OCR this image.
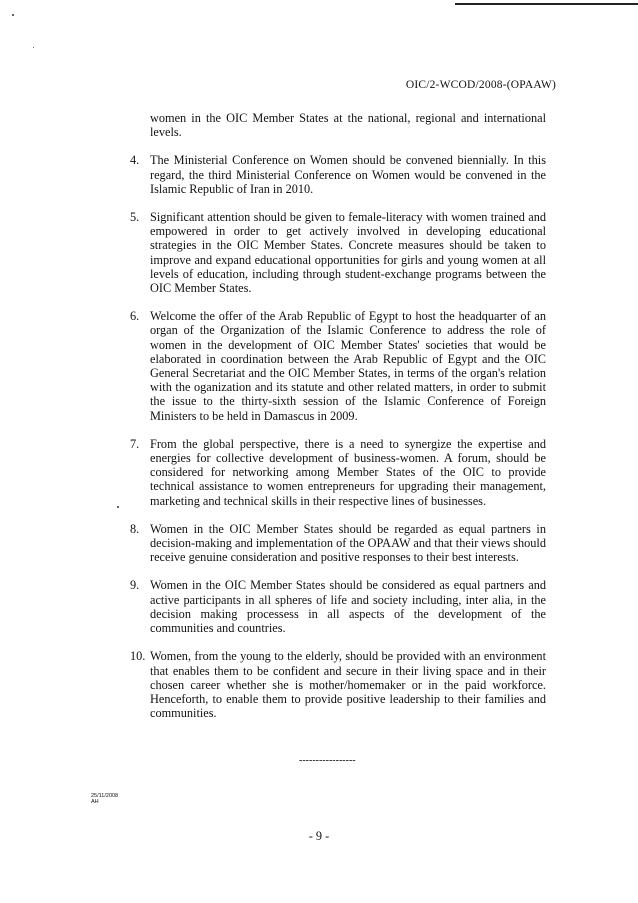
OIC/2-WCOD/2008-(OPAAW)

women in the OIC Member States at the national, regional and international levels.

4. The Ministerial Conference on Women should be convened biennially. In this regard, the third Ministerial Conference on Women would be convened in the Islamic Republic of Iran in 2010.
5. Significant attention should be given to female-literacy with women trained and empowered in order to get actively involved in developing educational strategies in the OIC Member States. Concrete measures should be taken to improve and expand educational opportunities for girls and young women at all levels of education, including through student-exchange programs between the OIC Member States.
6. Welcome the offer of the Arab Republic of Egypt to host the headquarter of an organ of the Organization of the Islamic Conference to address the role of women in the development of OIC Member States' societies that would be elaborated in coordination between the Arab Republic of Egypt and the OIC General Secretariat and the OIC Member States, in terms of the organ's relation with the oganization and its statute and other related matters, in order to submit the issue to the thirty-sixth session of the Islamic Conference of Foreign Ministers to be held in Damascus in 2009.
7. From the global perspective, there is a need to synergize the expertise and energies for collective development of business-women. A forum, should be considered for networking among Member States of the OIC to provide technical assistance to women entrepreneurs for upgrading their management, marketing and technical skills in their respective lines of businesses.
8. Women in the OIC Member States should be regarded as equal partners in decision-making and implementation of the OPAAW and that their views should receive genuine consideration and positive responses to their best interests.
9. Women in the OIC Member States should be considered as equal partners and active participants in all spheres of life and society including, inter alia, in the decision making processess in all aspects of the development of the communities and countries.
10. Women, from the young to the elderly, should be provided with an environment that enables them to be confident and secure in their living space and in their chosen career whether she is mother/homemaker or in the paid workforce. Henceforth, to enable them to provide positive leadership to their families and communities.
-----------------
25/11/2008
AH
- 9 -
